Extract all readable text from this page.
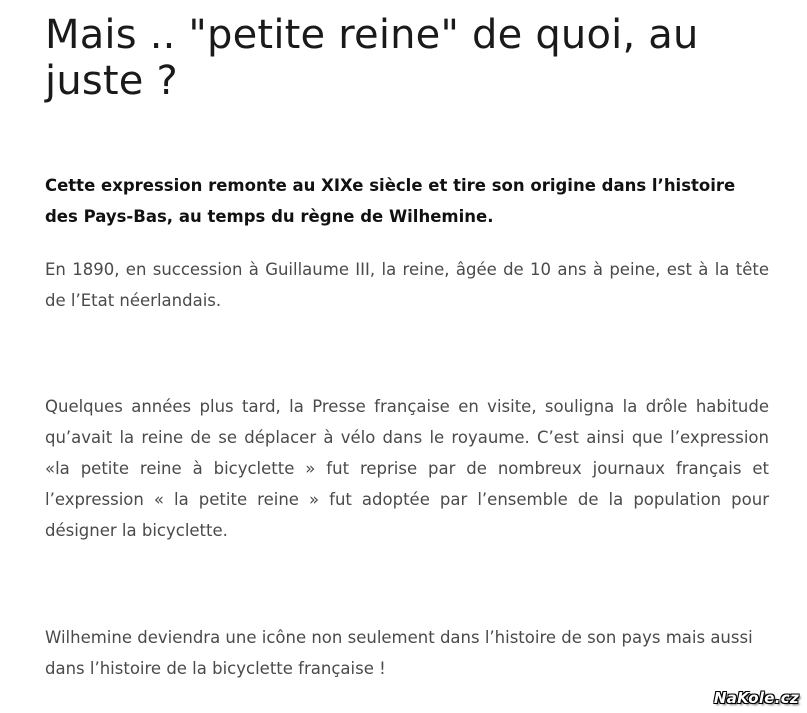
Mais .. "petite reine" de quoi, au juste ?

Cette expression remonte au XIXe siècle et tire son origine dans l’histoire des Pays-Bas, au temps du règne de Wilhemine.

En 1890, en succession à Guillaume III, la reine, âgée de 10 ans à peine, est à la tête de l’Etat néerlandais.

Quelques années plus tard, la Presse française en visite, souligna la drôle habitude qu’avait la reine de se déplacer à vélo dans le royaume. C’est ainsi que l’expression «la petite reine à bicyclette » fut reprise par de nombreux journaux français et l’expression « la petite reine » fut adoptée par l’ensemble de la population pour désigner la bicyclette.

Wilhemine deviendra une icône non seulement dans l’histoire de son pays mais aussi dans l’histoire de la bicyclette française !

NaKole.cz
